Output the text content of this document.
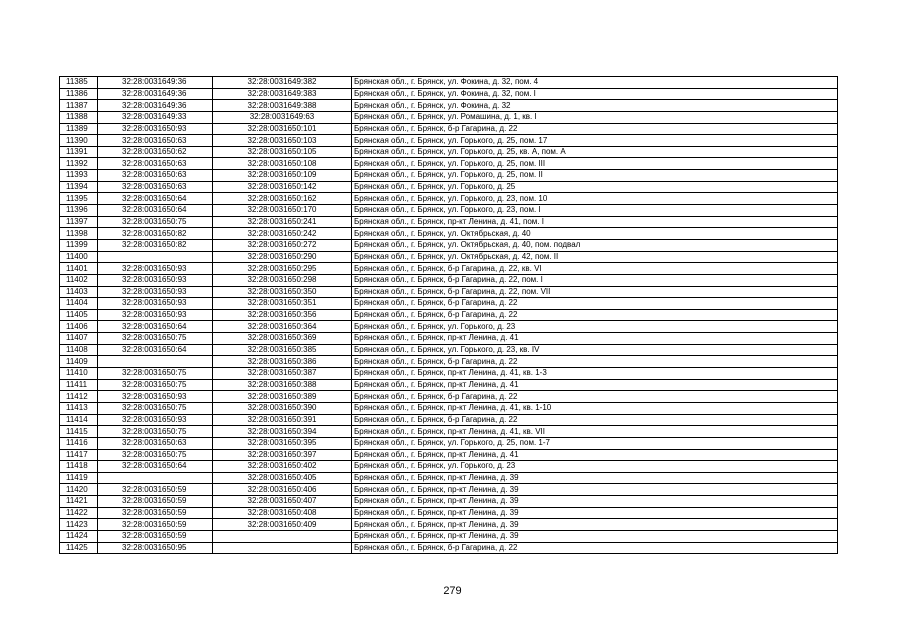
11385	32:28:0031649:36	32:28:0031649:382	Брянская обл., г. Брянск, ул. Фокина, д. 32, пом. 4
11386	32:28:0031649:36	32:28:0031649:383	Брянская обл., г. Брянск, ул. Фокина, д. 32, пом. I
11387	32:28:0031649:36	32:28:0031649:388	Брянская обл., г. Брянск, ул. Фокина, д. 32
11388	32:28:0031649:33	32:28:0031649:63	Брянская обл., г. Брянск, ул. Ромашина, д. 1, кв. I
11389	32:28:0031650:93	32:28:0031650:101	Брянская обл., г. Брянск, б-р Гагарина, д. 22
11390	32:28:0031650:63	32:28:0031650:103	Брянская обл., г. Брянск, ул. Горького, д. 25, пом. 17
11391	32:28:0031650:62	32:28:0031650:105	Брянская обл., г. Брянск, ул. Горького, д. 25, кв. А, пом. А
11392	32:28:0031650:63	32:28:0031650:108	Брянская обл., г. Брянск, ул. Горького, д. 25, пом. III
11393	32:28:0031650:63	32:28:0031650:109	Брянская обл., г. Брянск, ул. Горького, д. 25, пом. II
11394	32:28:0031650:63	32:28:0031650:142	Брянская обл., г. Брянск, ул. Горького, д. 25
11395	32:28:0031650:64	32:28:0031650:162	Брянская обл., г. Брянск, ул. Горького, д. 23, пом. 10
11396	32:28:0031650:64	32:28:0031650:170	Брянская обл., г. Брянск, ул. Горького, д. 23, пом. I
11397	32:28:0031650:75	32:28:0031650:241	Брянская обл., г. Брянск, пр-кт Ленина, д. 41, пом. I
11398	32:28:0031650:82	32:28:0031650:242	Брянская обл., г. Брянск, ул. Октябрьская, д. 40
11399	32:28:0031650:82	32:28:0031650:272	Брянская обл., г. Брянск, ул. Октябрьская, д. 40, пом. подвал
11400		32:28:0031650:290	Брянская обл., г. Брянск, ул. Октябрьская, д. 42, пом. II
11401	32:28:0031650:93	32:28:0031650:295	Брянская обл., г. Брянск, б-р Гагарина, д. 22, кв. VI
11402	32:28:0031650:93	32:28:0031650:298	Брянская обл., г. Брянск, б-р Гагарина, д. 22, пом. I
11403	32:28:0031650:93	32:28:0031650:350	Брянская обл., г. Брянск, б-р Гагарина, д. 22, пом. VII
11404	32:28:0031650:93	32:28:0031650:351	Брянская обл., г. Брянск, б-р Гагарина, д. 22
11405	32:28:0031650:93	32:28:0031650:356	Брянская обл., г. Брянск, б-р Гагарина, д. 22
11406	32:28:0031650:64	32:28:0031650:364	Брянская обл., г. Брянск, ул. Горького, д. 23
11407	32:28:0031650:75	32:28:0031650:369	Брянская обл., г. Брянск, пр-кт Ленина, д. 41
11408	32:28:0031650:64	32:28:0031650:385	Брянская обл., г. Брянск, ул. Горького, д. 23, кв. IV
11409		32:28:0031650:386	Брянская обл., г. Брянск, б-р Гагарина, д. 22
11410	32:28:0031650:75	32:28:0031650:387	Брянская обл., г. Брянск, пр-кт Ленина, д. 41, кв. 1-3
11411	32:28:0031650:75	32:28:0031650:388	Брянская обл., г. Брянск, пр-кт Ленина, д. 41
11412	32:28:0031650:93	32:28:0031650:389	Брянская обл., г. Брянск, б-р Гагарина, д. 22
11413	32:28:0031650:75	32:28:0031650:390	Брянская обл., г. Брянск, пр-кт Ленина, д. 41, кв. 1-10
11414	32:28:0031650:93	32:28:0031650:391	Брянская обл., г. Брянск, б-р Гагарина, д. 22
11415	32:28:0031650:75	32:28:0031650:394	Брянская обл., г. Брянск, пр-кт Ленина, д. 41, кв. VII
11416	32:28:0031650:63	32:28:0031650:395	Брянская обл., г. Брянск, ул. Горького, д. 25, пом. 1-7
11417	32:28:0031650:75	32:28:0031650:397	Брянская обл., г. Брянск, пр-кт Ленина, д. 41
11418	32:28:0031650:64	32:28:0031650:402	Брянская обл., г. Брянск, ул. Горького, д. 23
11419		32:28:0031650:405	Брянская обл., г. Брянск, пр-кт Ленина, д. 39
11420	32:28:0031650:59	32:28:0031650:406	Брянская обл., г. Брянск, пр-кт Ленина, д. 39
11421	32:28:0031650:59	32:28:0031650:407	Брянская обл., г. Брянск, пр-кт Ленина, д. 39
11422	32:28:0031650:59	32:28:0031650:408	Брянская обл., г. Брянск, пр-кт Ленина, д. 39
11423	32:28:0031650:59	32:28:0031650:409	Брянская обл., г. Брянск, пр-кт Ленина, д. 39
11424	32:28:0031650:59		Брянская обл., г. Брянск, пр-кт Ленина, д. 39
11425	32:28:0031650:95		Брянская обл., г. Брянск, б-р Гагарина, д. 22
279
